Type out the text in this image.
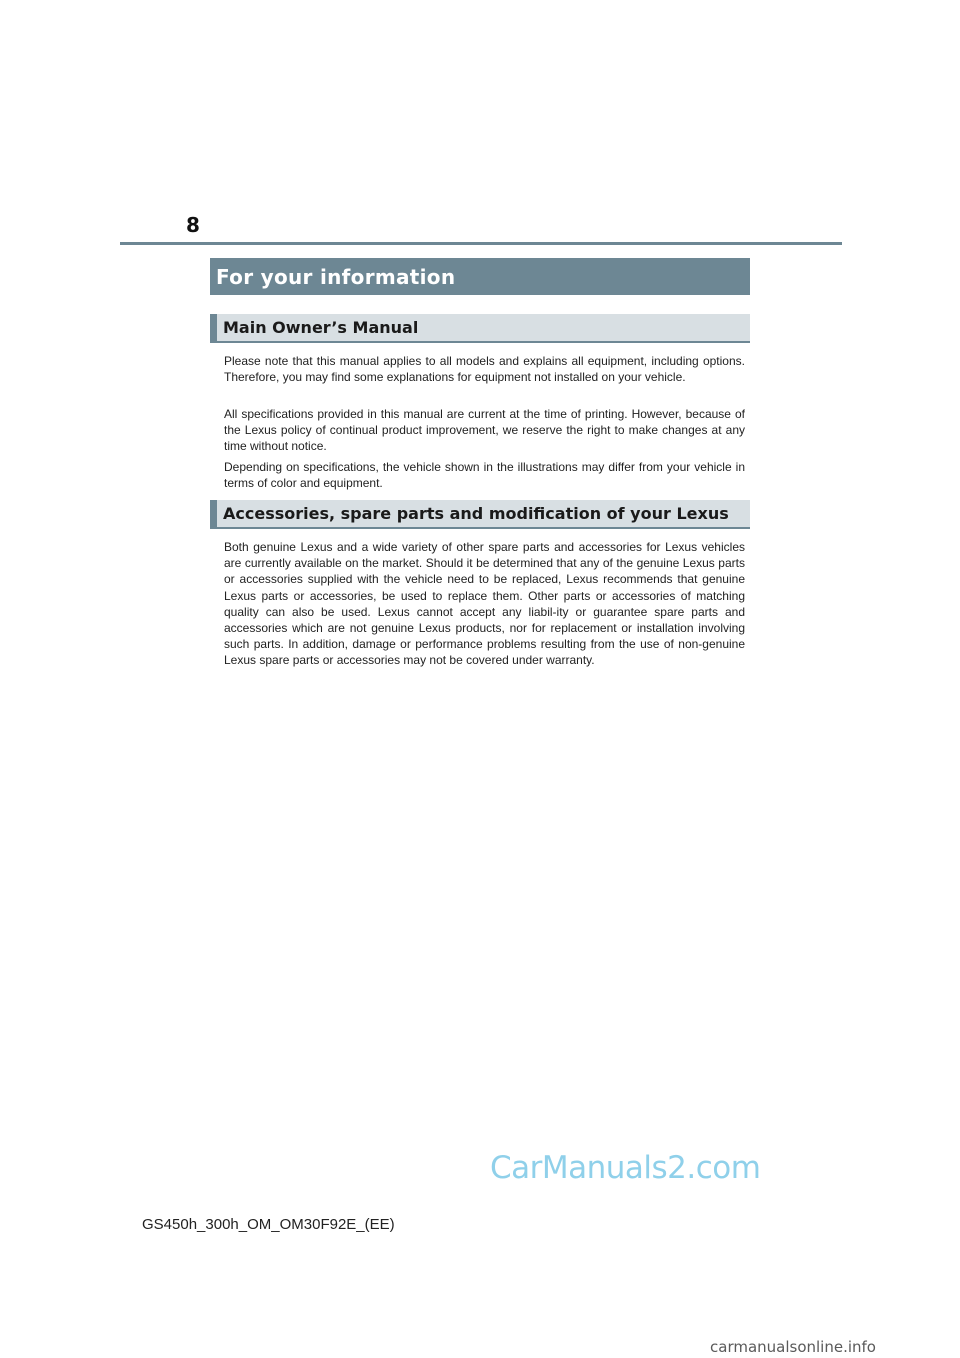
8
For your information
Main Owner’s Manual

Please note that this manual applies to all models and explains all equipment, including options. Therefore, you may find some explanations for equipment not installed on your vehicle.

All specifications provided in this manual are current at the time of printing. However, because of the Lexus policy of continual product improvement, we reserve the right to make changes at any time without notice.

Depending on specifications, the vehicle shown in the illustrations may differ from your vehicle in terms of color and equipment.

Accessories, spare parts and modification of your Lexus

Both genuine Lexus and a wide variety of other spare parts and accessories for Lexus vehicles are currently available on the market. Should it be determined that any of the genuine Lexus parts or accessories supplied with the vehicle need to be replaced, Lexus recommends that genuine Lexus parts or accessories, be used to replace them. Other parts or accessories of matching quality can also be used. Lexus cannot accept any liabil-ity or guarantee spare parts and accessories which are not genuine Lexus products, nor for replacement or installation involving such parts. In addition, damage or performance problems resulting from the use of non-genuine Lexus spare parts or accessories may not be covered under warranty.

CarManuals2.com
GS450h_300h_OM_OM30F92E_(EE)
carmanualsonline.info
